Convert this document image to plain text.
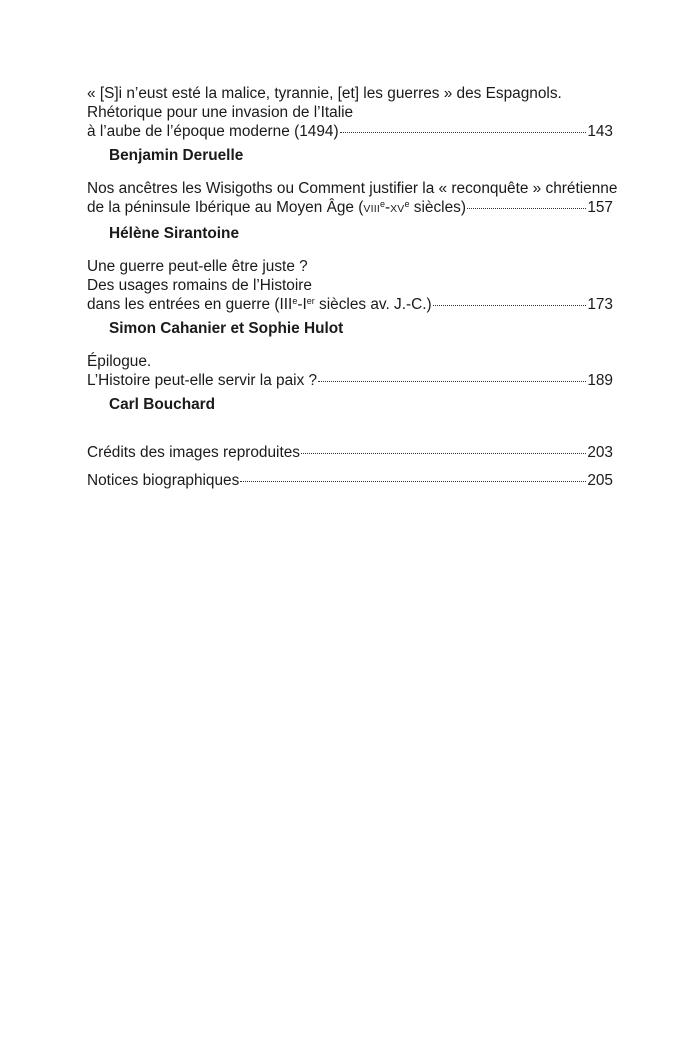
« [S]i n’eust esté la malice, tyrannie, [et] les guerres » des Espagnols.
Rhétorique pour une invasion de l’Italie
à l’aube de l’époque moderne (1494)	143
Benjamin Deruelle
Nos ancêtres les Wisigoths ou Comment justifier la « reconquête » chrétienne
de la péninsule Ibérique au Moyen Âge (VIIIe-XVe siècles)	157
Hélène Sirantoine
Une guerre peut-elle être juste ?
Des usages romains de l’Histoire
dans les entrées en guerre (IIIe-Ier siècles av. J.-C.)	173
Simon Cahanier et Sophie Hulot
Épilogue.
L’Histoire peut-elle servir la paix ?	189
Carl Bouchard
Crédits des images reproduites	203
Notices biographiques	205
